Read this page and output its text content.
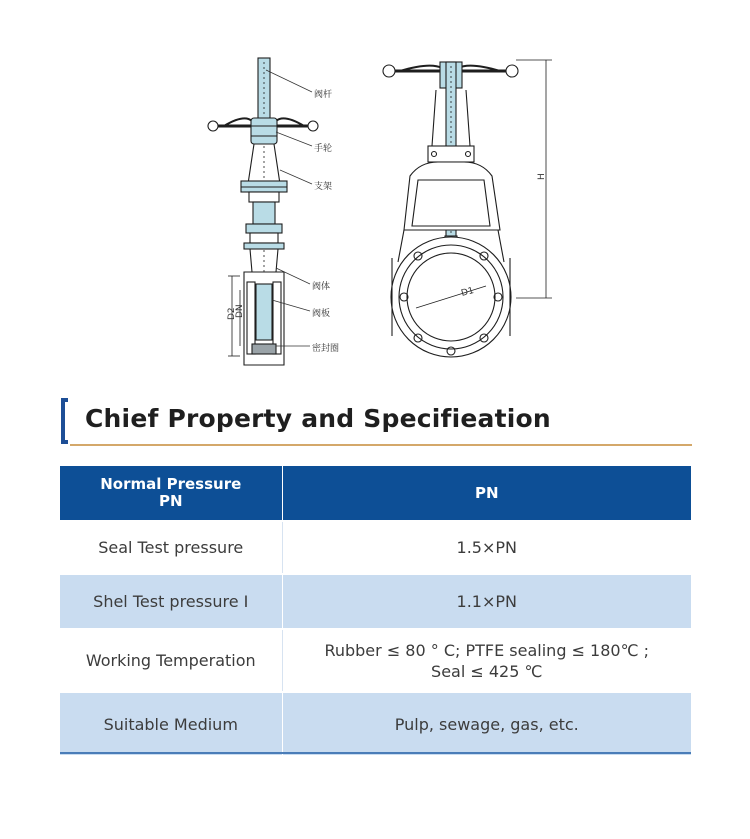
D2
DN
D1
H
阀杆
手轮
支架
阀体
阀板
密封圈
Chief Property and Specifieation
Normal Pressure
PN	PN
Seal Test pressure	1.5×PN
Shel Test pressure I	1.1×PN
Working Temperation	Rubber ≤ 80 ° C; PTFE sealing ≤ 180℃ ;
Seal ≤ 425 ℃

Suitable Medium	Pulp, sewage, gas, etc.
